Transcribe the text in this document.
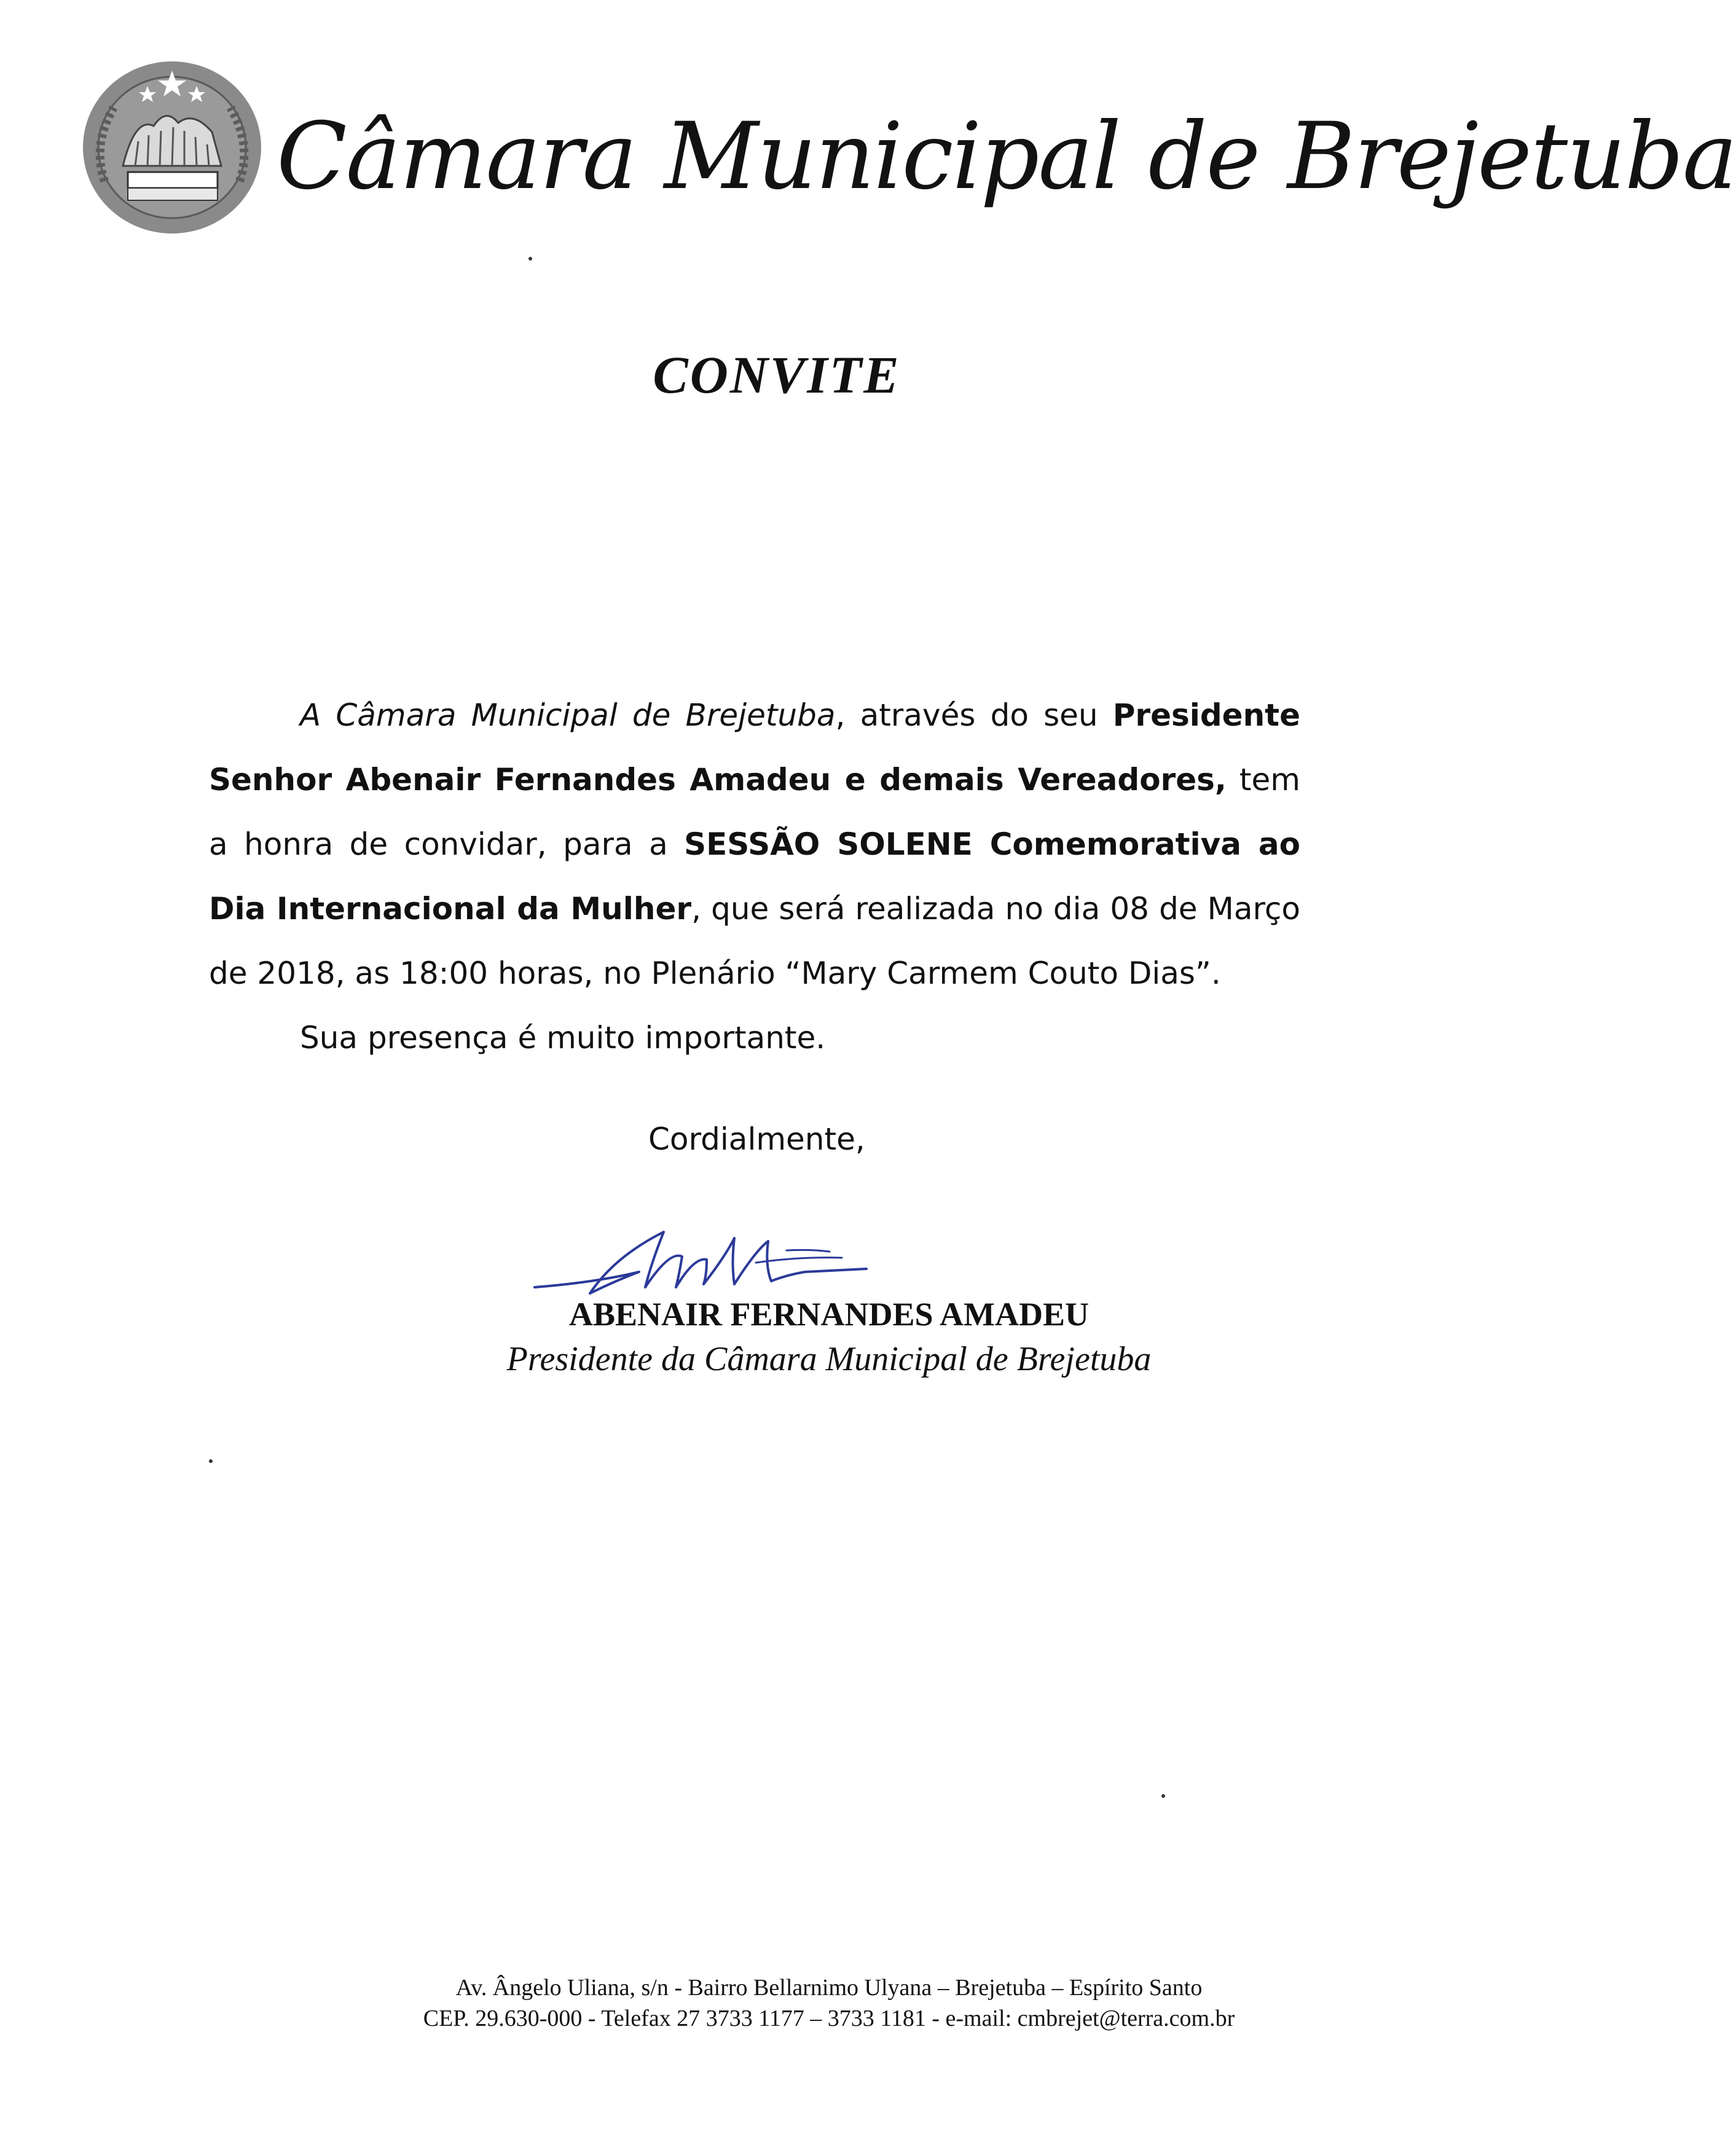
Câmara Municipal de Brejetuba
CONVITE

A Câmara Municipal de Brejetuba, através do seu Presidente Senhor Abenair Fernandes Amadeu e demais Vereadores, tem a honra de convidar, para a SESSÃO SOLENE Comemorativa ao Dia Internacional da Mulher, que será realizada no dia 08 de Março de 2018, as 18:00 horas, no Plenário “Mary Carmem Couto Dias”.

Sua presença é muito importante.

Cordialmente,
ABENAIR FERNANDES AMADEU
Presidente da Câmara Municipal de Brejetuba
Av. Ângelo Uliana, s/n - Bairro Bellarnimo Ulyana – Brejetuba – Espírito Santo
CEP. 29.630-000 - Telefax 27 3733 1177 – 3733 1181 - e-mail: cmbrejet@terra.com.br
